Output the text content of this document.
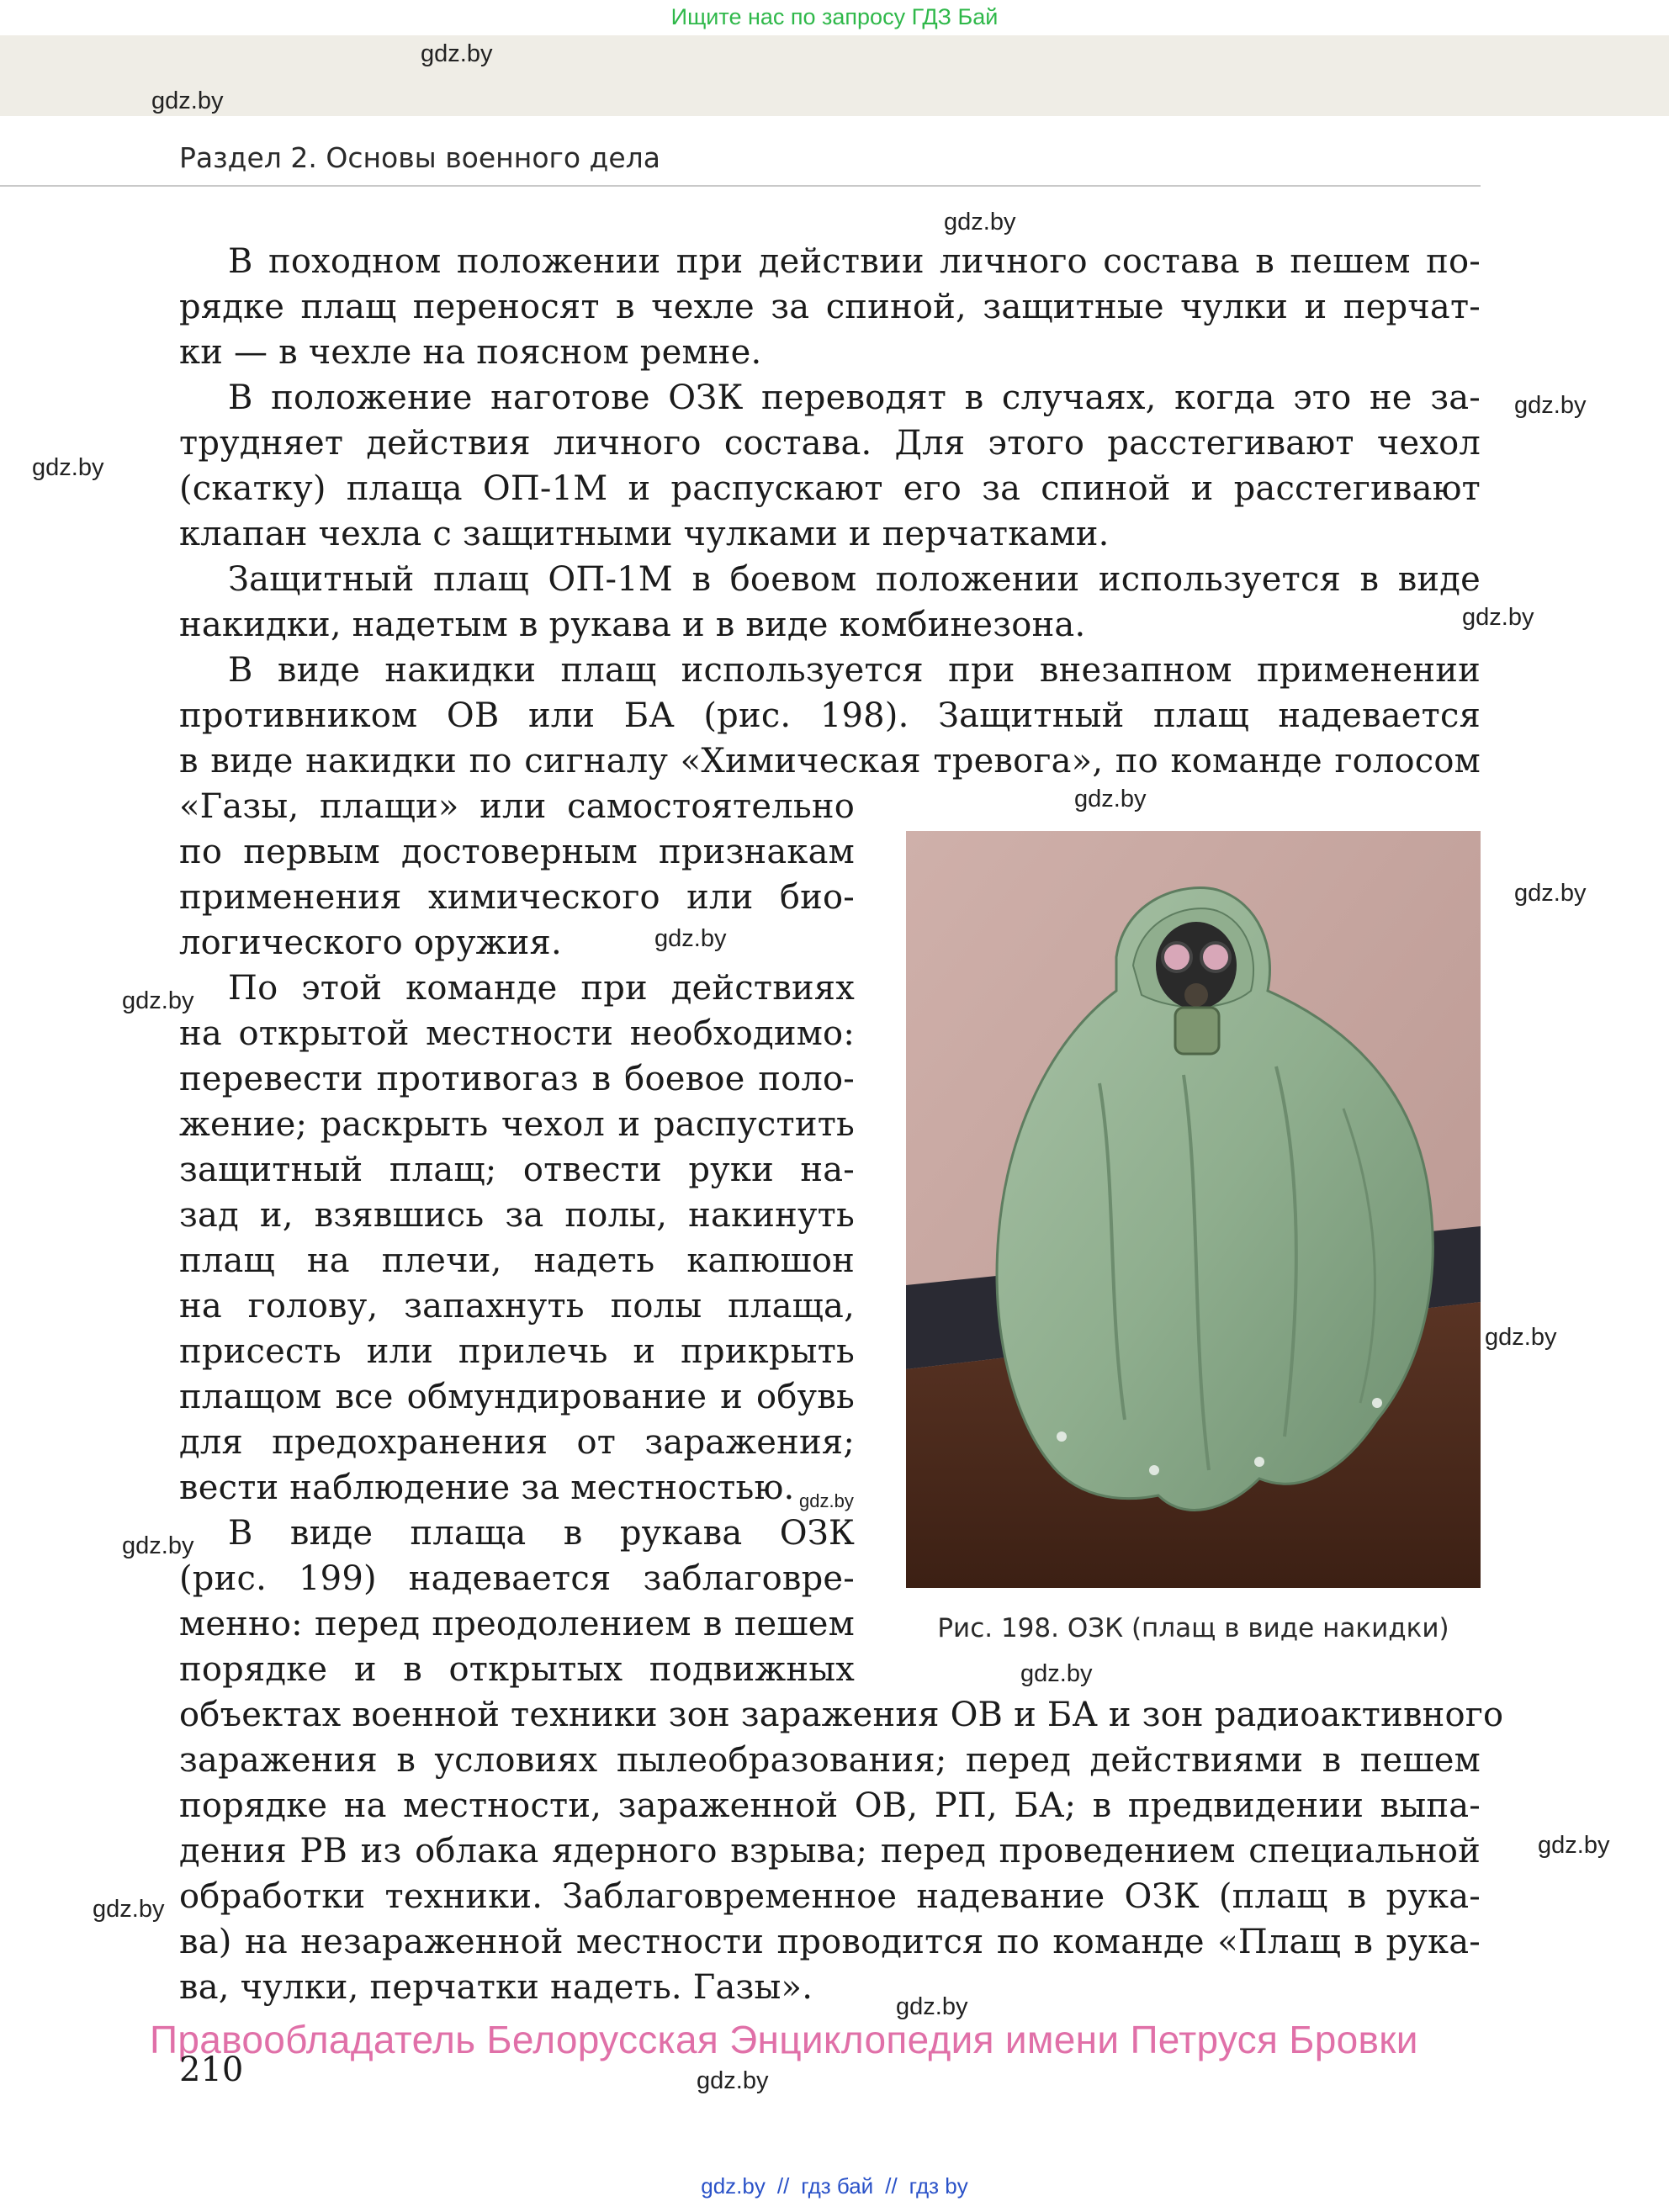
Ищите нас по запросу ГДЗ Бай
Раздел 2. Основы военного дела
gdz.by
gdz.by
gdz.by
gdz.by
gdz.by
gdz.by
gdz.by
gdz.by
gdz.by
gdz.by
gdz.by
gdz.by
gdz.by
gdz.by
gdz.by
gdz.by
gdz.by
gdz.by
В походном положении при действии личного состава в пешем по-
рядке плащ переносят в чехле за спиной, защитные чулки и перчат-
ки — в чехле на поясном ремне.
В положение наготове ОЗК переводят в случаях, когда это не за-
трудняет действия личного состава. Для этого расстегивают чехол
(скатку) плаща ОП-1М и распускают его за спиной и расстегивают
клапан чехла с защитными чулками и перчатками.
Защитный плащ ОП-1М в боевом положении используется в виде
накидки, надетым в рукава и в виде комбинезона.
В виде накидки плащ используется при внезапном применении
противником ОВ или БА (рис. 198). Защитный плащ надевается
в виде накидки по сигналу «Химическая тревога», по команде голосом
«Газы, плащи» или самостоятельно
по первым достоверным признакам
применения химического или био-
логического оружия.
По этой команде при действиях
на открытой местности необходимо:
перевести противогаз в боевое поло-
жение; раскрыть чехол и распустить
защитный плащ; отвести руки на-
зад и, взявшись за полы, накинуть
плащ на плечи, надеть капюшон
на голову, запахнуть полы плаща,
присесть или прилечь и прикрыть
плащом все обмундирование и обувь
для предохранения от заражения;
вести наблюдение за местностью.
В виде плаща в рукава ОЗК
(рис. 199) надевается заблаговре-
менно: перед преодолением в пешем
порядке и в открытых подвижных
объектах военной техники зон заражения ОВ и БА и зон радиоактивного
заражения в условиях пылеобразования; перед действиями в пешем
порядке на местности, зараженной ОВ, РП, БА; в предвидении выпа-
дения РВ из облака ядерного взрыва; перед проведением специальной
обработки техники. Заблаговременное надевание ОЗК (плащ в рука-
ва) на незараженной местности проводится по команде «Плащ в рука-
ва, чулки, перчатки надеть. Газы».
Рис. 198. ОЗК (плащ в виде накидки)
Правообладатель Белорусская Энциклопедия имени Петруся Бровки
210
gdz.by // гдз бай // гдз by
